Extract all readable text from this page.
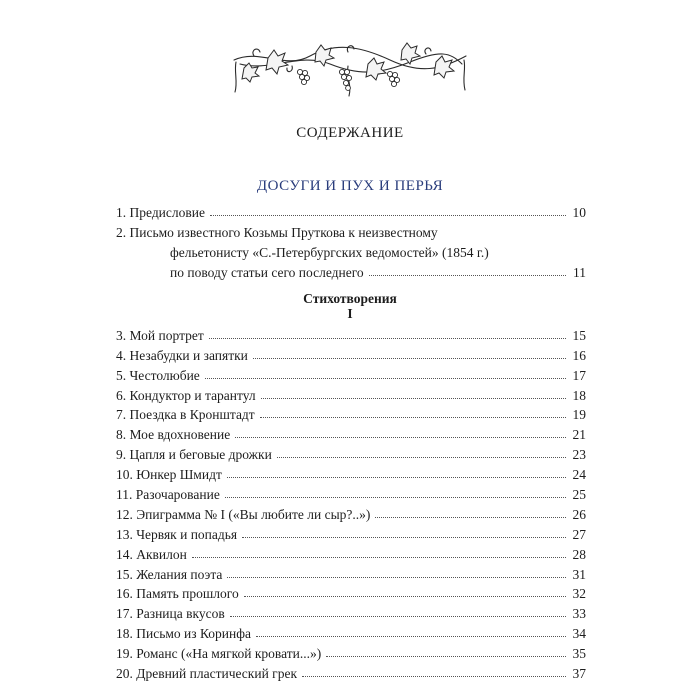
СОДЕРЖАНИЕ
ДОСУГИ И ПУХ И ПЕРЬЯ
1. Предисловие	10
2. Письмо известного Козьмы Пруткова к неизвестному
фельетонисту «С.-Петербургских ведомостей» (1854 г.)
по поводу статьи сего последнего	11
Стихотворения
I
3. Мой портрет	15
4. Незабудки и запятки	16
5. Честолюбие	17
6. Кондуктор и тарантул	18
7. Поездка в Кронштадт	19
8. Мое вдохновение	21
9. Цапля и беговые дрожки	23
10. Юнкер Шмидт	24
11. Разочарование	25
12. Эпиграмма № I («Вы любите ли сыр?..»)	26
13. Червяк и попадья	27
14. Аквилон	28
15. Желания поэта	31
16. Память прошлого	32
17. Разница вкусов	33
18. Письмо из Коринфа	34
19. Романс («На мягкой кровати...»)	35
20. Древний пластический грек	37
